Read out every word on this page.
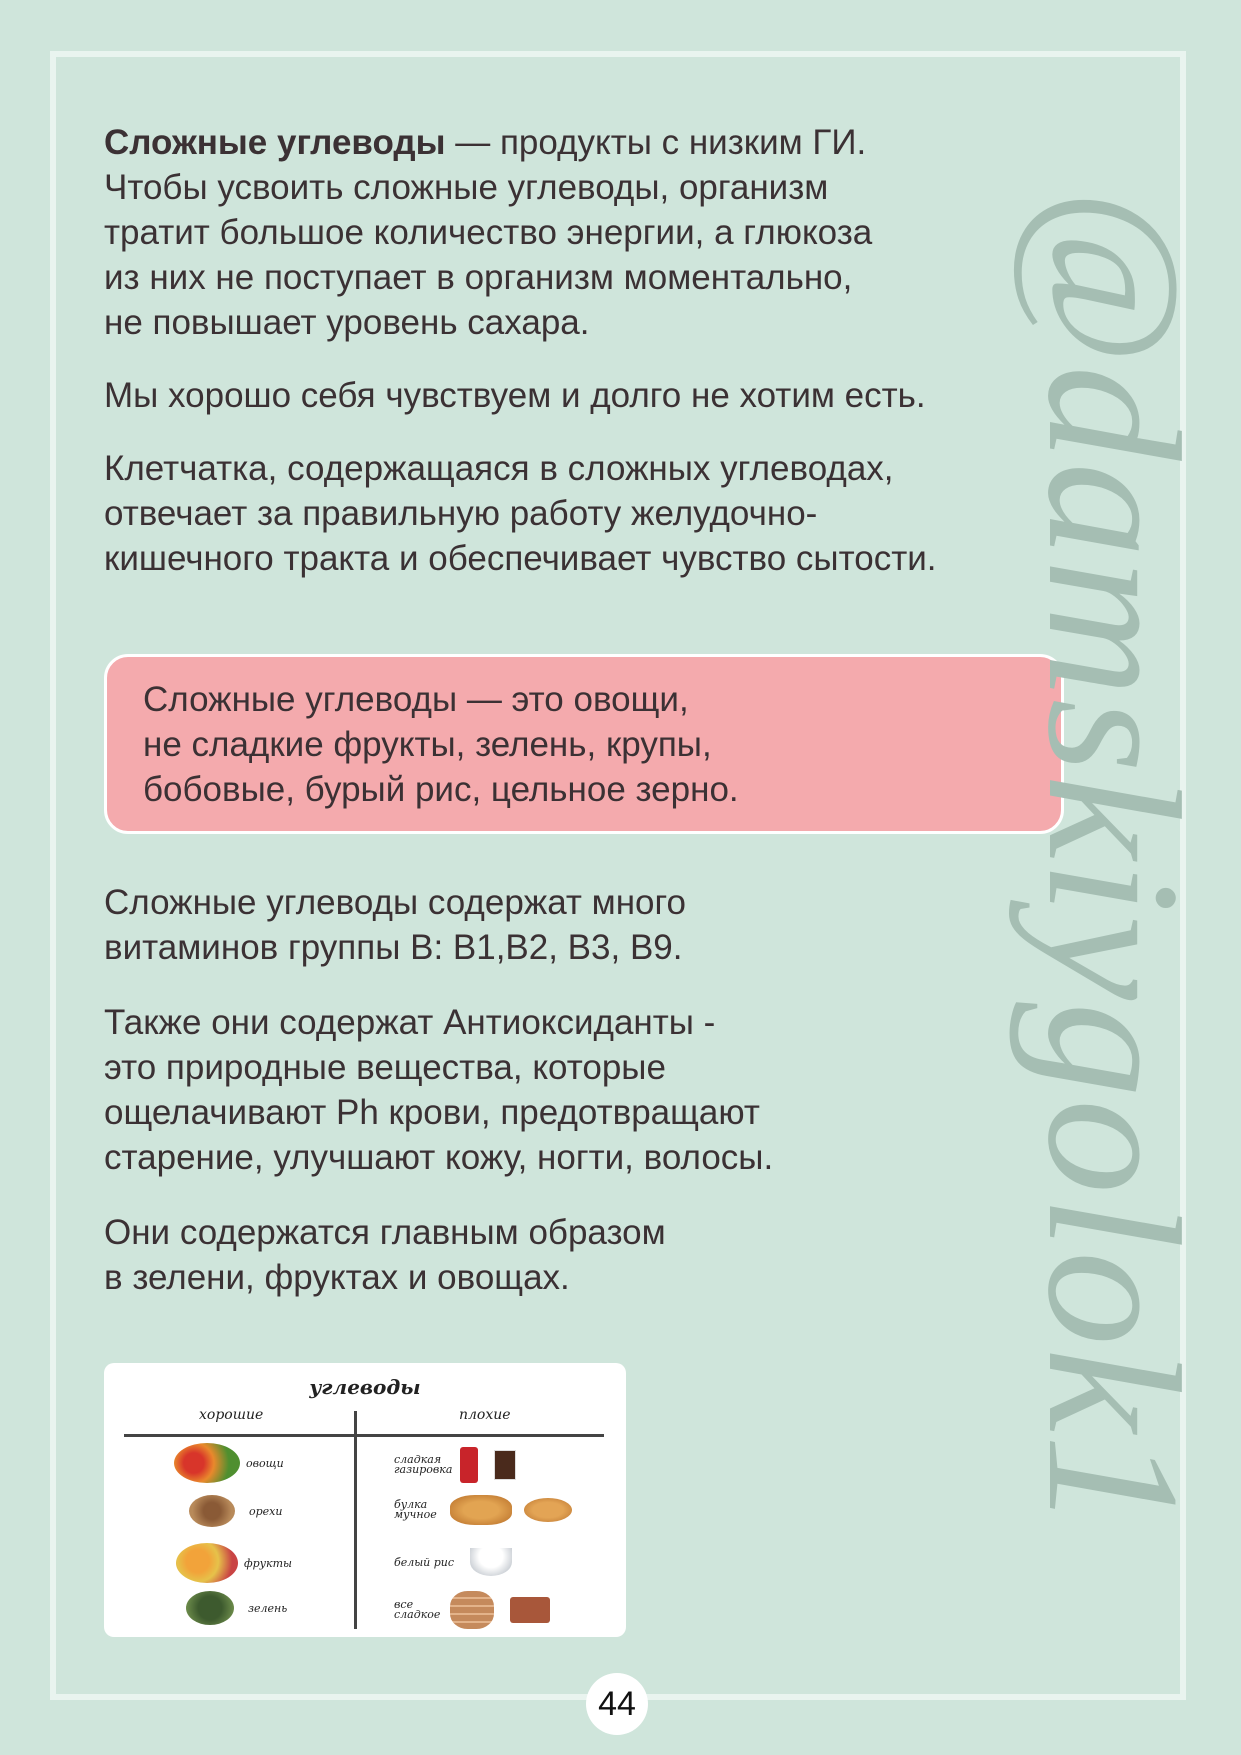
@damskiygolok1

Сложные углеводы — продукты с низким ГИ.
Чтобы усвоить сложные углеводы, организм
тратит большое количество энергии, а глюкоза
из них не поступает в организм моментально,
не повышает уровень сахара.

Мы хорошо себя чувствуем и долго не хотим есть.

Клетчатка, содержащаяся в сложных углеводах,
отвечает за правильную работу желудочно-
кишечного тракта и обеспечивает чувство сытости.

Сложные углеводы — это овощи,
не сладкие фрукты, зелень, крупы,
бобовые, бурый рис, цельное зерно.

Сложные углеводы содержат много
витаминов группы В: В1,В2, В3, В9.

Также они содержат Антиоксиданты -
это природные вещества, которые
ощелачивают Ph крови, предотвращают
старение, улучшают кожу, ногти, волосы.

Они содержатся главным образом
в зелени, фруктах и овощах.

углеводы
хорошие	плохие
овощи
орехи
фрукты
зелень
сладкая газировка
булка мучное
белый рис
все сладкое
44
